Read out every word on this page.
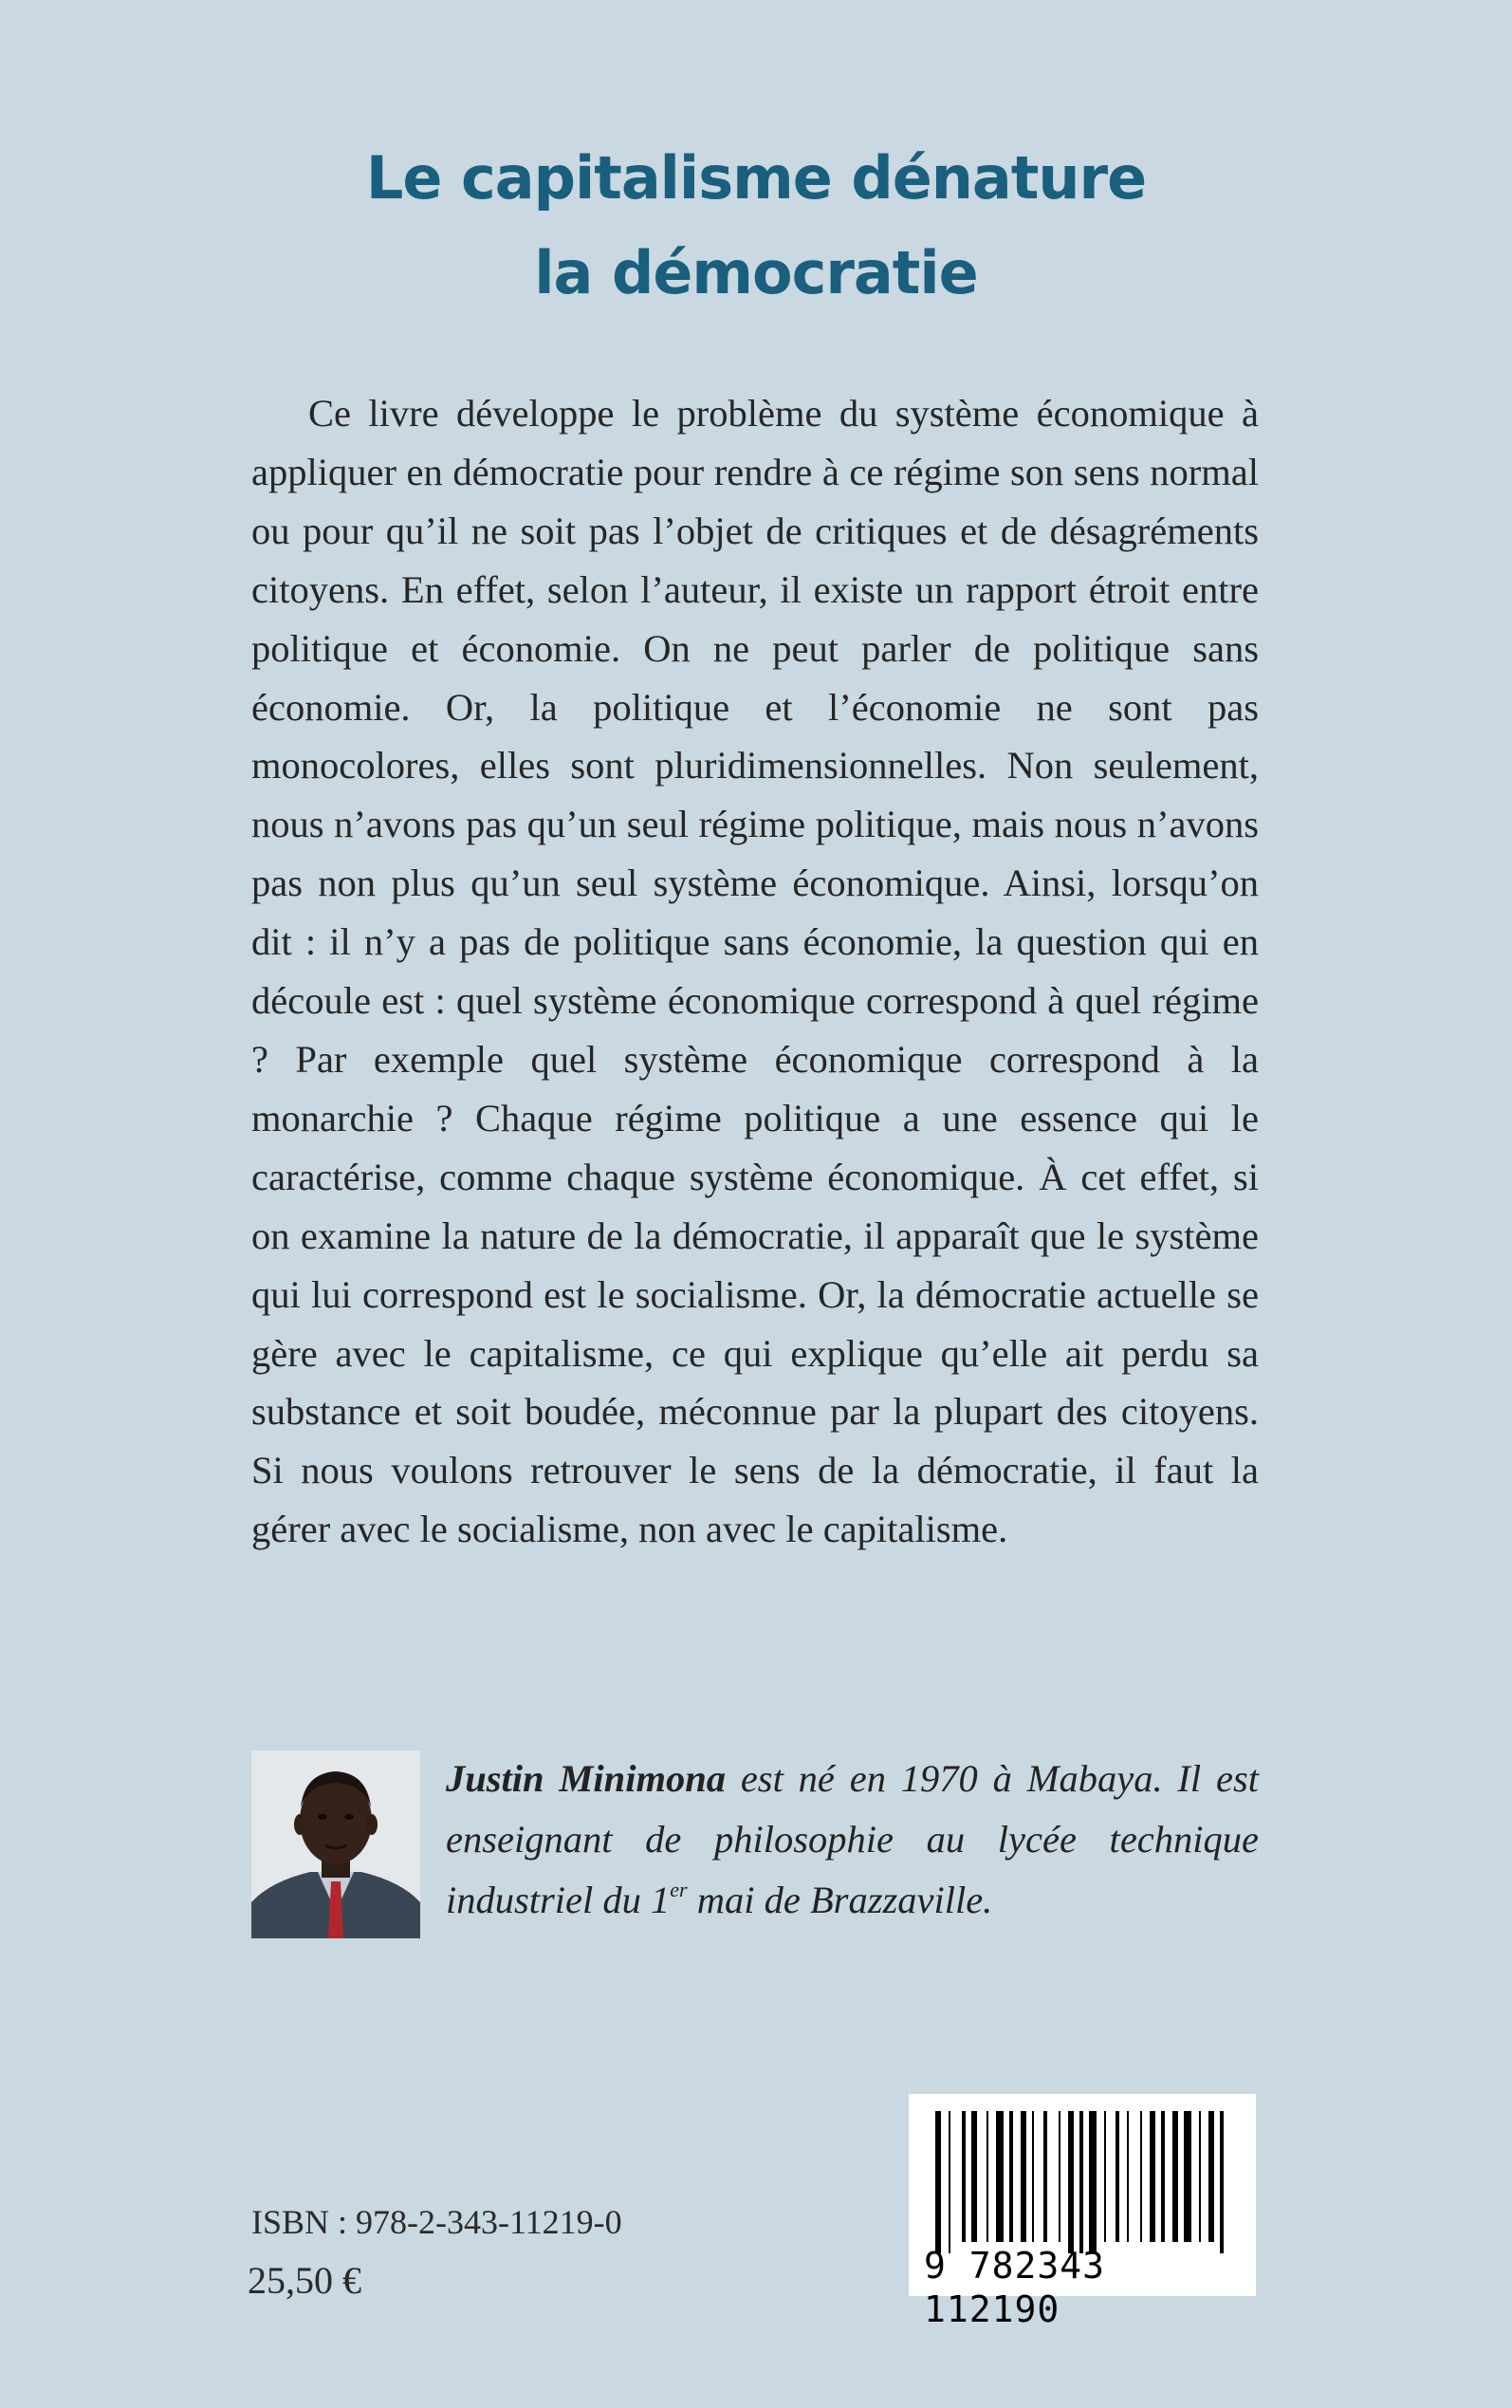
Le capitalisme dénature
la démocratie

Ce livre développe le problème du système économique à appliquer en démocratie pour rendre à ce régime son sens normal ou pour qu’il ne soit pas l’objet de critiques et de désagréments citoyens. En effet, selon l’auteur, il existe un rapport étroit entre politique et économie. On ne peut parler de politique sans économie. Or, la politique et l’économie ne sont pas monocolores, elles sont pluridimensionnelles. Non seulement, nous n’avons pas qu’un seul régime politique, mais nous n’avons pas non plus qu’un seul système économique. Ainsi, lorsqu’on dit : il n’y a pas de politique sans économie, la question qui en découle est : quel système économique correspond à quel régime ? Par exemple quel système économique correspond à la monarchie ? Chaque régime politique a une essence qui le caractérise, comme chaque système économique. À cet effet, si on examine la nature de la démocratie, il apparaît que le système qui lui correspond est le socialisme. Or, la démocratie actuelle se gère avec le capitalisme, ce qui explique qu’elle ait perdu sa substance et soit boudée, méconnue par la plupart des citoyens. Si nous voulons retrouver le sens de la démocratie, il faut la gérer avec le socialisme, non avec le capitalisme.

Justin Minimona est né en 1970 à Mabaya. Il est enseignant de philosophie au lycée technique industriel du 1er mai de Brazzaville.

ISBN : 978-2-343-11219-0
25,50 €	9 782343 112190
